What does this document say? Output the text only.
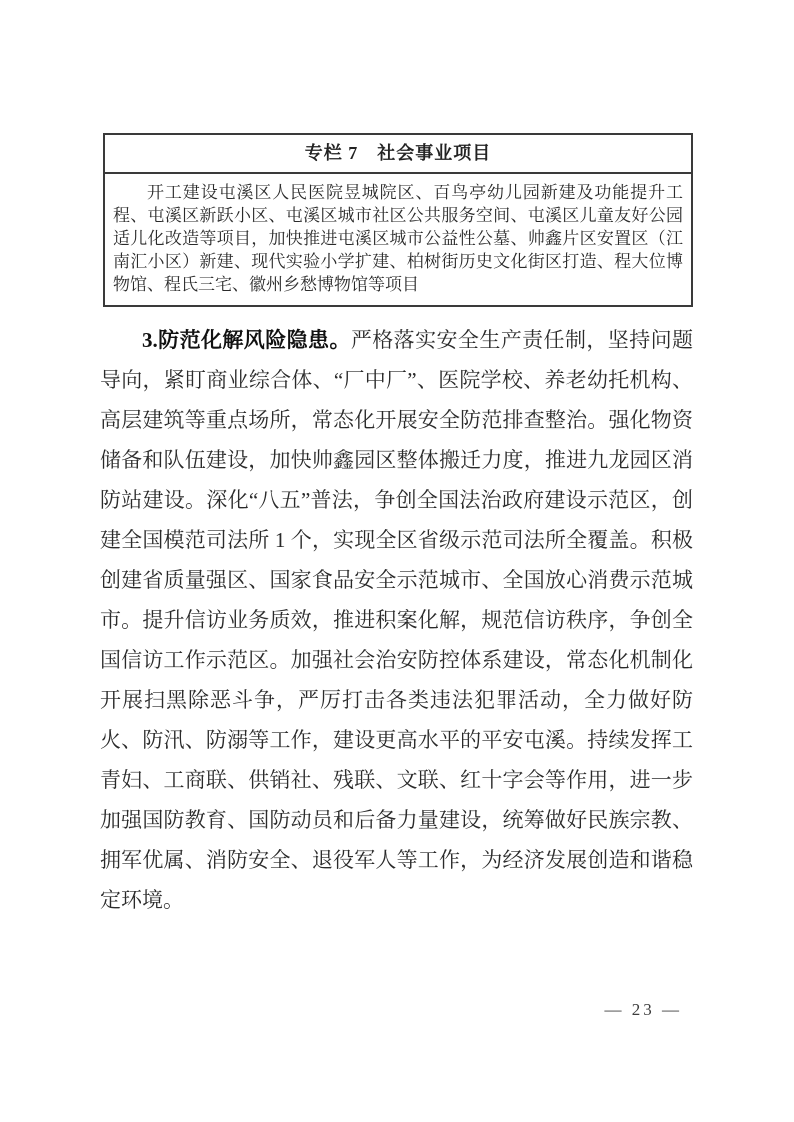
专栏 7　社会事业项目
开工建设屯溪区人民医院昱城院区、百鸟亭幼儿园新建及功能提升工程、屯溪区新跃小区、屯溪区城市社区公共服务空间、屯溪区儿童友好公园适儿化改造等项目，加快推进屯溪区城市公益性公墓、帅鑫片区安置区（江南汇小区）新建、现代实验小学扩建、柏树街历史文化街区打造、程大位博物馆、程氏三宅、徽州乡愁博物馆等项目

3.防范化解风险隐患。严格落实安全生产责任制，坚持问题导向，紧盯商业综合体、“厂中厂”、医院学校、养老幼托机构、高层建筑等重点场所，常态化开展安全防范排查整治。强化物资储备和队伍建设，加快帅鑫园区整体搬迁力度，推进九龙园区消防站建设。深化“八五”普法，争创全国法治政府建设示范区，创建全国模范司法所 1 个，实现全区省级示范司法所全覆盖。积极创建省质量强区、国家食品安全示范城市、全国放心消费示范城市。提升信访业务质效，推进积案化解，规范信访秩序，争创全国信访工作示范区。加强社会治安防控体系建设，常态化机制化开展扫黑除恶斗争，严厉打击各类违法犯罪活动，全力做好防火、防汛、防溺等工作，建设更高水平的平安屯溪。持续发挥工青妇、工商联、供销社、残联、文联、红十字会等作用，进一步加强国防教育、国防动员和后备力量建设，统筹做好民族宗教、拥军优属、消防安全、退役军人等工作，为经济发展创造和谐稳定环境。

— 23 —
